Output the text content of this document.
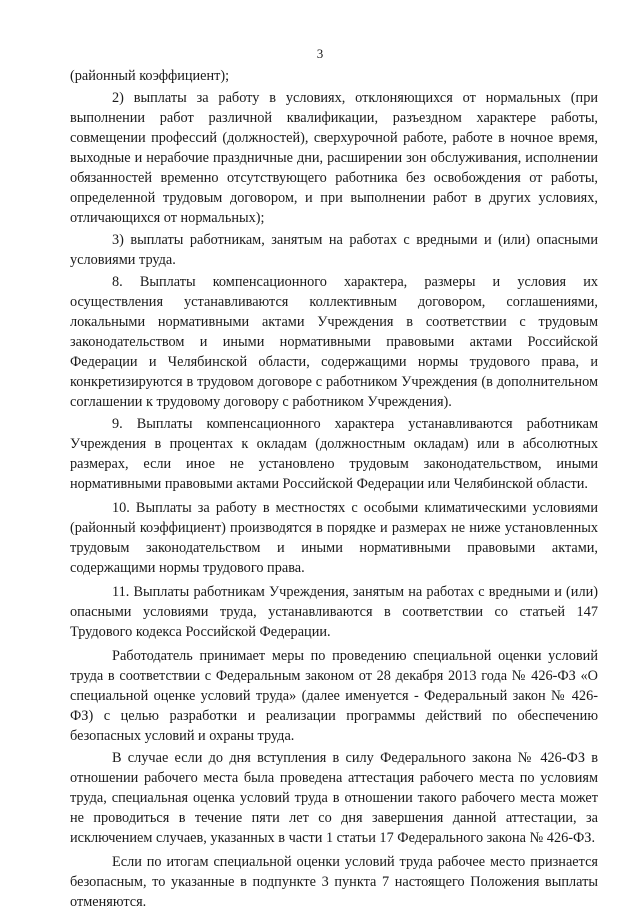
3

(районный коэффициент);

2) выплаты за работу в условиях, отклоняющихся от нормальных (при выполнении работ различной квалификации, разъездном характере работы, совмещении профессий (должностей), сверхурочной работе, работе в ночное время, выходные и нерабочие праздничные дни, расширении зон обслуживания, исполнении обязанностей временно отсутствующего работника без освобождения от работы, определенной трудовым договором, и при выполнении работ в других условиях, отличающихся от нормальных);

3) выплаты работникам, занятым на работах с вредными и (или) опасными условиями труда.

8. Выплаты компенсационного характера, размеры и условия их осуществления устанавливаются коллективным договором, соглашениями, локальными нормативными актами Учреждения в соответствии с трудовым законодательством и иными нормативными правовыми актами Российской Федерации и Челябинской области, содержащими нормы трудового права, и конкретизируются в трудовом договоре с работником Учреждения (в дополнительном соглашении к трудовому договору с работником Учреждения).

9. Выплаты компенсационного характера устанавливаются работникам Учреждения в процентах к окладам (должностным окладам) или в абсолютных размерах, если иное не установлено трудовым законодательством, иными нормативными правовыми актами Российской Федерации или Челябинской области.

10. Выплаты за работу в местностях с особыми климатическими условиями (районный коэффициент) производятся в порядке и размерах не ниже установленных трудовым законодательством и иными нормативными правовыми актами, содержащими нормы трудового права.

11. Выплаты работникам Учреждения, занятым на работах с вредными и (или) опасными условиями труда, устанавливаются в соответствии со статьей 147 Трудового кодекса Российской Федерации.

Работодатель принимает меры по проведению специальной оценки условий труда в соответствии с Федеральным законом от 28 декабря 2013 года № 426-ФЗ «О специальной оценке условий труда» (далее именуется - Федеральный закон № 426-ФЗ) с целью разработки и реализации программы действий по обеспечению безопасных условий и охраны труда.

В случае если до дня вступления в силу Федерального закона № 426-ФЗ в отношении рабочего места была проведена аттестация рабочего места по условиям труда, специальная оценка условий труда в отношении такого рабочего места может не проводиться в течение пяти лет со дня завершения данной аттестации, за исключением случаев, указанных в части 1 статьи 17 Федерального закона № 426-ФЗ.

Если по итогам специальной оценки условий труда рабочее место признается безопасным, то указанные в подпункте 3 пункта 7 настоящего Положения выплаты отменяются.
